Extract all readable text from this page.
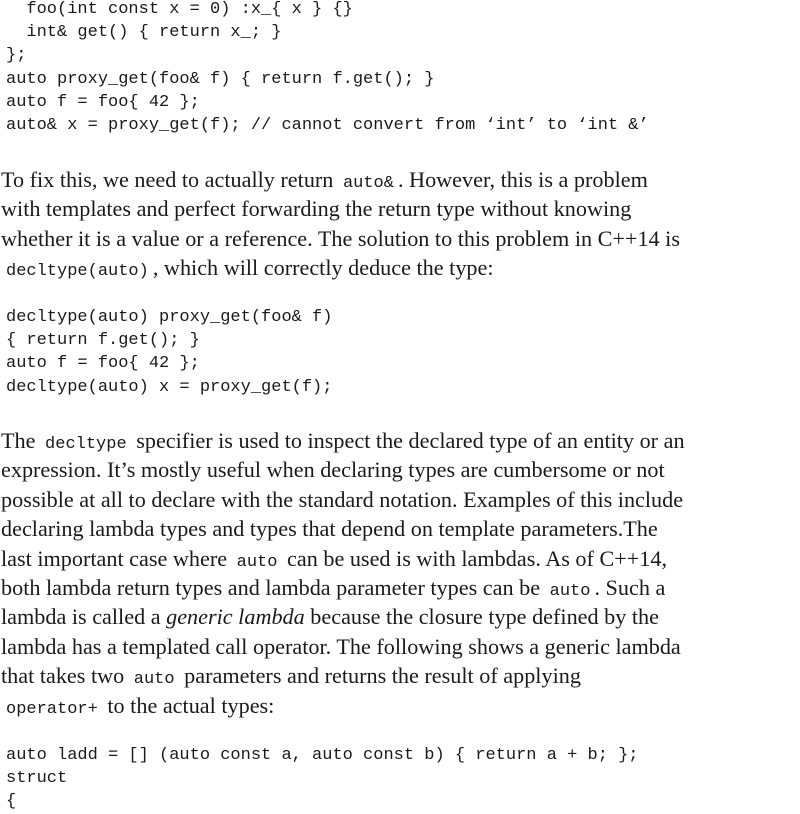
foo(int const x = 0) :x_{ x } {}
int& get() { return x_; }
};
auto proxy_get(foo& f) { return f.get(); }
auto f = foo{ 42 };
auto& x = proxy_get(f); // cannot convert from ‘int’ to ‘int &’
To fix this, we need to actually return auto& . However, this is a problem
with templates and perfect forwarding the return type without knowing
whether it is a value or a reference. The solution to this problem in C++14 is
decltype(auto) , which will correctly deduce the type:
decltype(auto) proxy_get(foo& f)
{ return f.get(); }
auto f = foo{ 42 };
decltype(auto) x = proxy_get(f);
The decltype specifier is used to inspect the declared type of an entity or an
expression. It’s mostly useful when declaring types are cumbersome or not
possible at all to declare with the standard notation. Examples of this include
declaring lambda types and types that depend on template parameters.The
last important case where auto can be used is with lambdas. As of C++14,
both lambda return types and lambda parameter types can be auto . Such a
lambda is called a generic lambda because the closure type defined by the
lambda has a templated call operator. The following shows a generic lambda
that takes two auto parameters and returns the result of applying
operator+ to the actual types:
auto ladd = [] (auto const a, auto const b) { return a + b; };
struct
{
